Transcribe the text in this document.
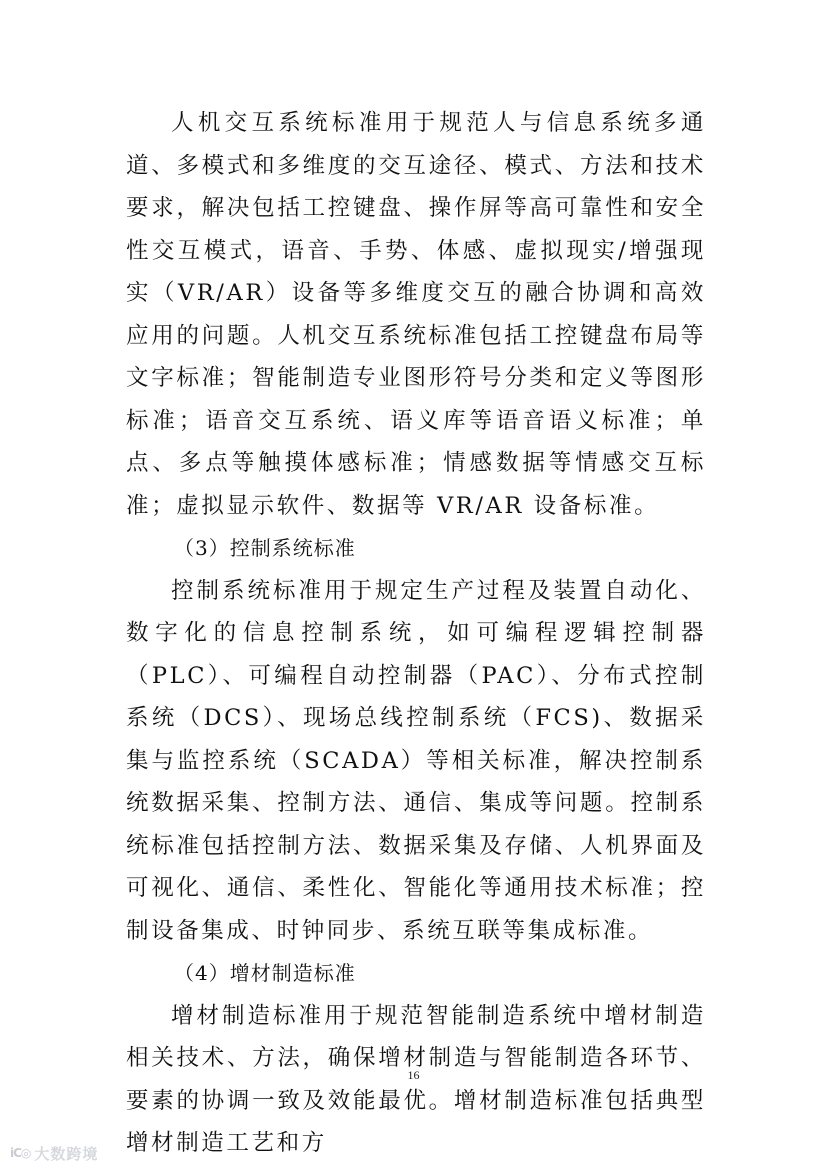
人机交互系统标准用于规范人与信息系统多通道、多模式和多维度的交互途径、模式、方法和技术要求，解决包括工控键盘、操作屏等高可靠性和安全性交互模式，语音、手势、体感、虚拟现实/增强现实（VR/AR）设备等多维度交互的融合协调和高效应用的问题。人机交互系统标准包括工控键盘布局等文字标准；智能制造专业图形符号分类和定义等图形标准；语音交互系统、语义库等语音语义标准；单点、多点等触摸体感标准；情感数据等情感交互标准；虚拟显示软件、数据等 VR/AR 设备标准。

（3）控制系统标准

控制系统标准用于规定生产过程及装置自动化、数字化的信息控制系统，如可编程逻辑控制器（PLC）、可编程自动控制器（PAC）、分布式控制系统（DCS）、现场总线控制系统（FCS)、数据采集与监控系统（SCADA）等相关标准，解决控制系统数据采集、控制方法、通信、集成等问题。控制系统标准包括控制方法、数据采集及存储、人机界面及可视化、通信、柔性化、智能化等通用技术标准；控制设备集成、时钟同步、系统互联等集成标准。

（4）增材制造标准

增材制造标准用于规范智能制造系统中增材制造相关技术、方法，确保增材制造与智能制造各环节、要素的协调一致及效能最优。增材制造标准包括典型增材制造工艺和方

16
iC◎ 大数跨境
